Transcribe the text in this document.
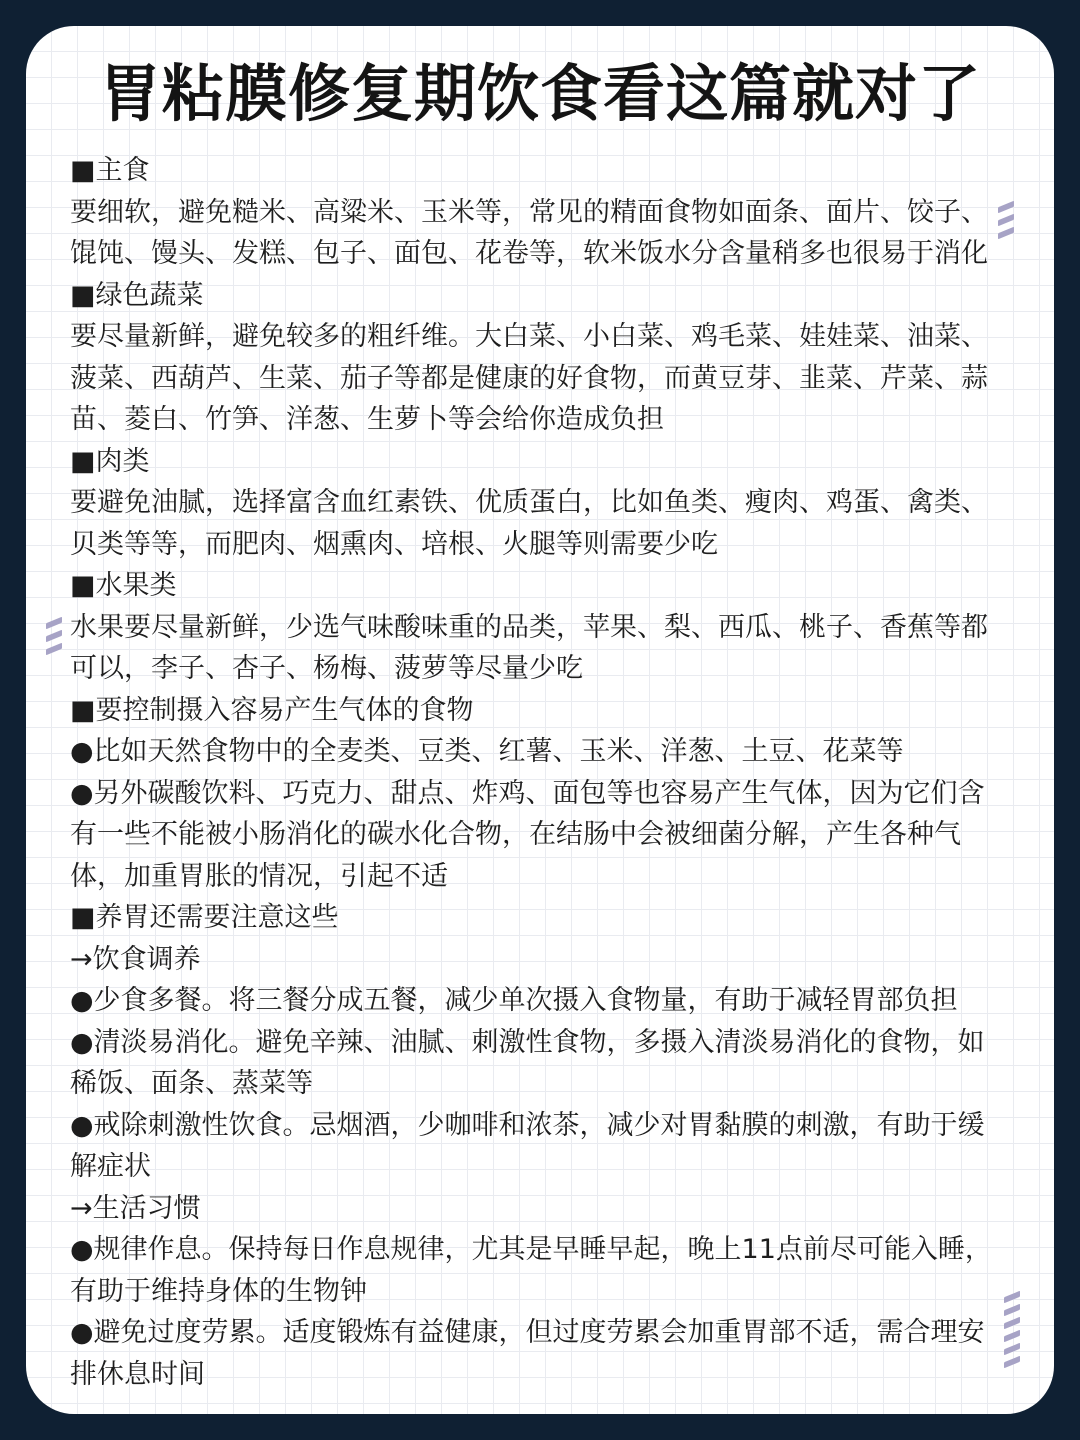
胃粘膜修复期饮食看这篇就对了
■主食
要细软，避免糙米、高粱米、玉米等，常见的精面食物如面条、面片、饺子、
馄饨、馒头、发糕、包子、面包、花卷等，软米饭水分含量稍多也很易于消化
■绿色蔬菜
要尽量新鲜，避免较多的粗纤维。大白菜、小白菜、鸡毛菜、娃娃菜、油菜、
菠菜、西葫芦、生菜、茄子等都是健康的好食物，而黄豆芽、韭菜、芹菜、蒜
苗、菱白、竹笋、洋葱、生萝卜等会给你造成负担
■肉类
要避免油腻，选择富含血红素铁、优质蛋白，比如鱼类、瘦肉、鸡蛋、禽类、
贝类等等，而肥肉、烟熏肉、培根、火腿等则需要少吃
■水果类
水果要尽量新鲜，少选气味酸味重的品类，苹果、梨、西瓜、桃子、香蕉等都
可以，李子、杏子、杨梅、菠萝等尽量少吃
■要控制摄入容易产生气体的食物
●比如天然食物中的全麦类、豆类、红薯、玉米、洋葱、土豆、花菜等
●另外碳酸饮料、巧克力、甜点、炸鸡、面包等也容易产生气体，因为它们含
有一些不能被小肠消化的碳水化合物，在结肠中会被细菌分解，产生各种气
体，加重胃胀的情况，引起不适
■养胃还需要注意这些
→饮食调养
●少食多餐。将三餐分成五餐，减少单次摄入食物量，有助于减轻胃部负担
●清淡易消化。避免辛辣、油腻、刺激性食物，多摄入清淡易消化的食物，如
稀饭、面条、蒸菜等
●戒除刺激性饮食。忌烟酒，少咖啡和浓茶，减少对胃黏膜的刺激，有助于缓
解症状
→生活习惯
●规律作息。保持每日作息规律，尤其是早睡早起，晚上11点前尽可能入睡，
有助于维持身体的生物钟
●避免过度劳累。适度锻炼有益健康，但过度劳累会加重胃部不适，需合理安
排休息时间
